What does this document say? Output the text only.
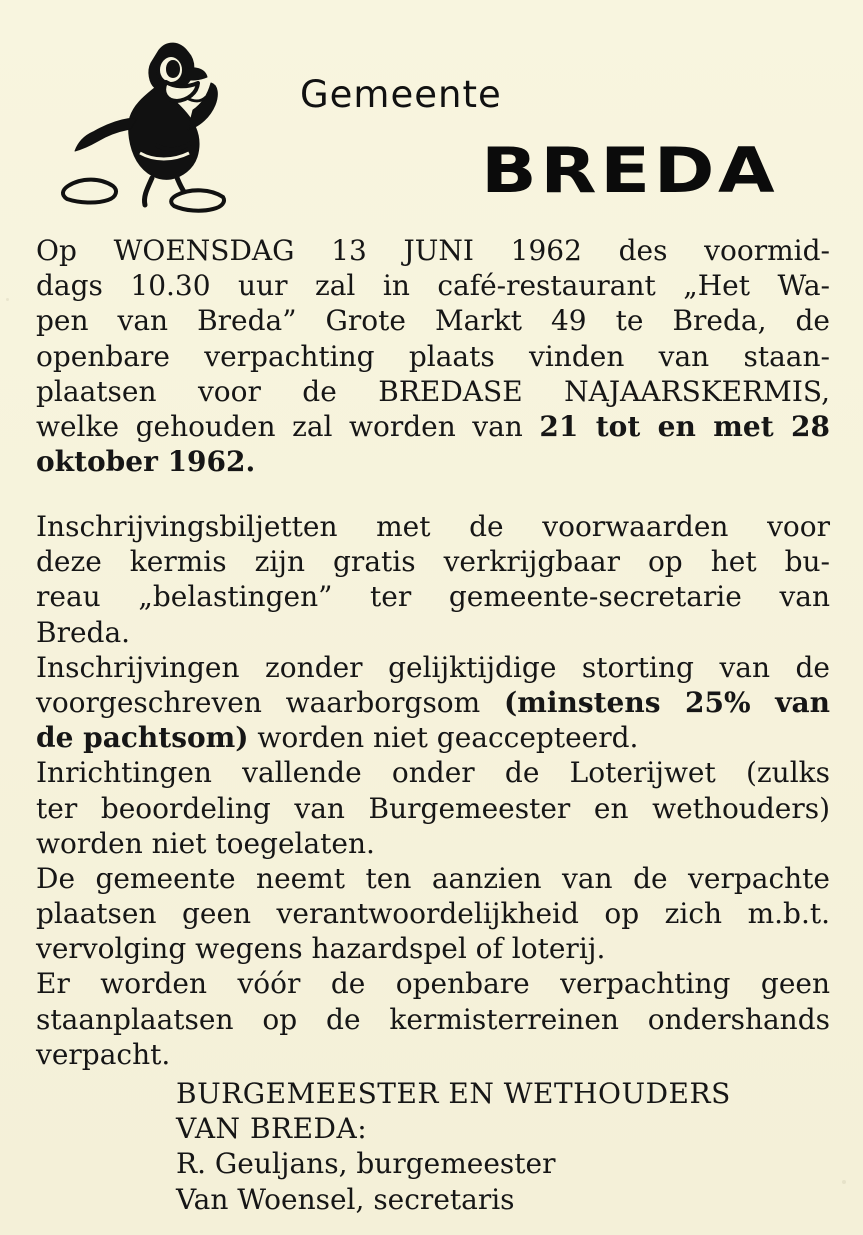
Gemeente
BREDA
Op WOENSDAG 13 JUNI 1962 des voormid-
dags 10.30 uur zal in café-restaurant „Het Wa-
pen van Breda” Grote Markt 49 te Breda, de
openbare verpachting plaats vinden van staan-
plaatsen voor de BREDASE NAJAARSKERMIS,
welke gehouden zal worden van 21 tot en met 28
oktober 1962.
Inschrijvingsbiljetten met de voorwaarden voor
deze kermis zijn gratis verkrijgbaar op het bu-
reau „belastingen” ter gemeente-secretarie van
Breda.
Inschrijvingen zonder gelijktijdige storting van de
voorgeschreven waarborgsom (minstens 25% van
de pachtsom) worden niet geaccepteerd.
Inrichtingen vallende onder de Loterijwet (zulks
ter beoordeling van Burgemeester en wethouders)
worden niet toegelaten.
De gemeente neemt ten aanzien van de verpachte
plaatsen geen verantwoordelijkheid op zich m.b.t.
vervolging wegens hazardspel of loterij.
Er worden vóór de openbare verpachting geen
staanplaatsen op de kermisterreinen ondershands
verpacht.
BURGEMEESTER EN WETHOUDERS
VAN BREDA:
R. Geuljans, burgemeester
Van Woensel, secretaris
